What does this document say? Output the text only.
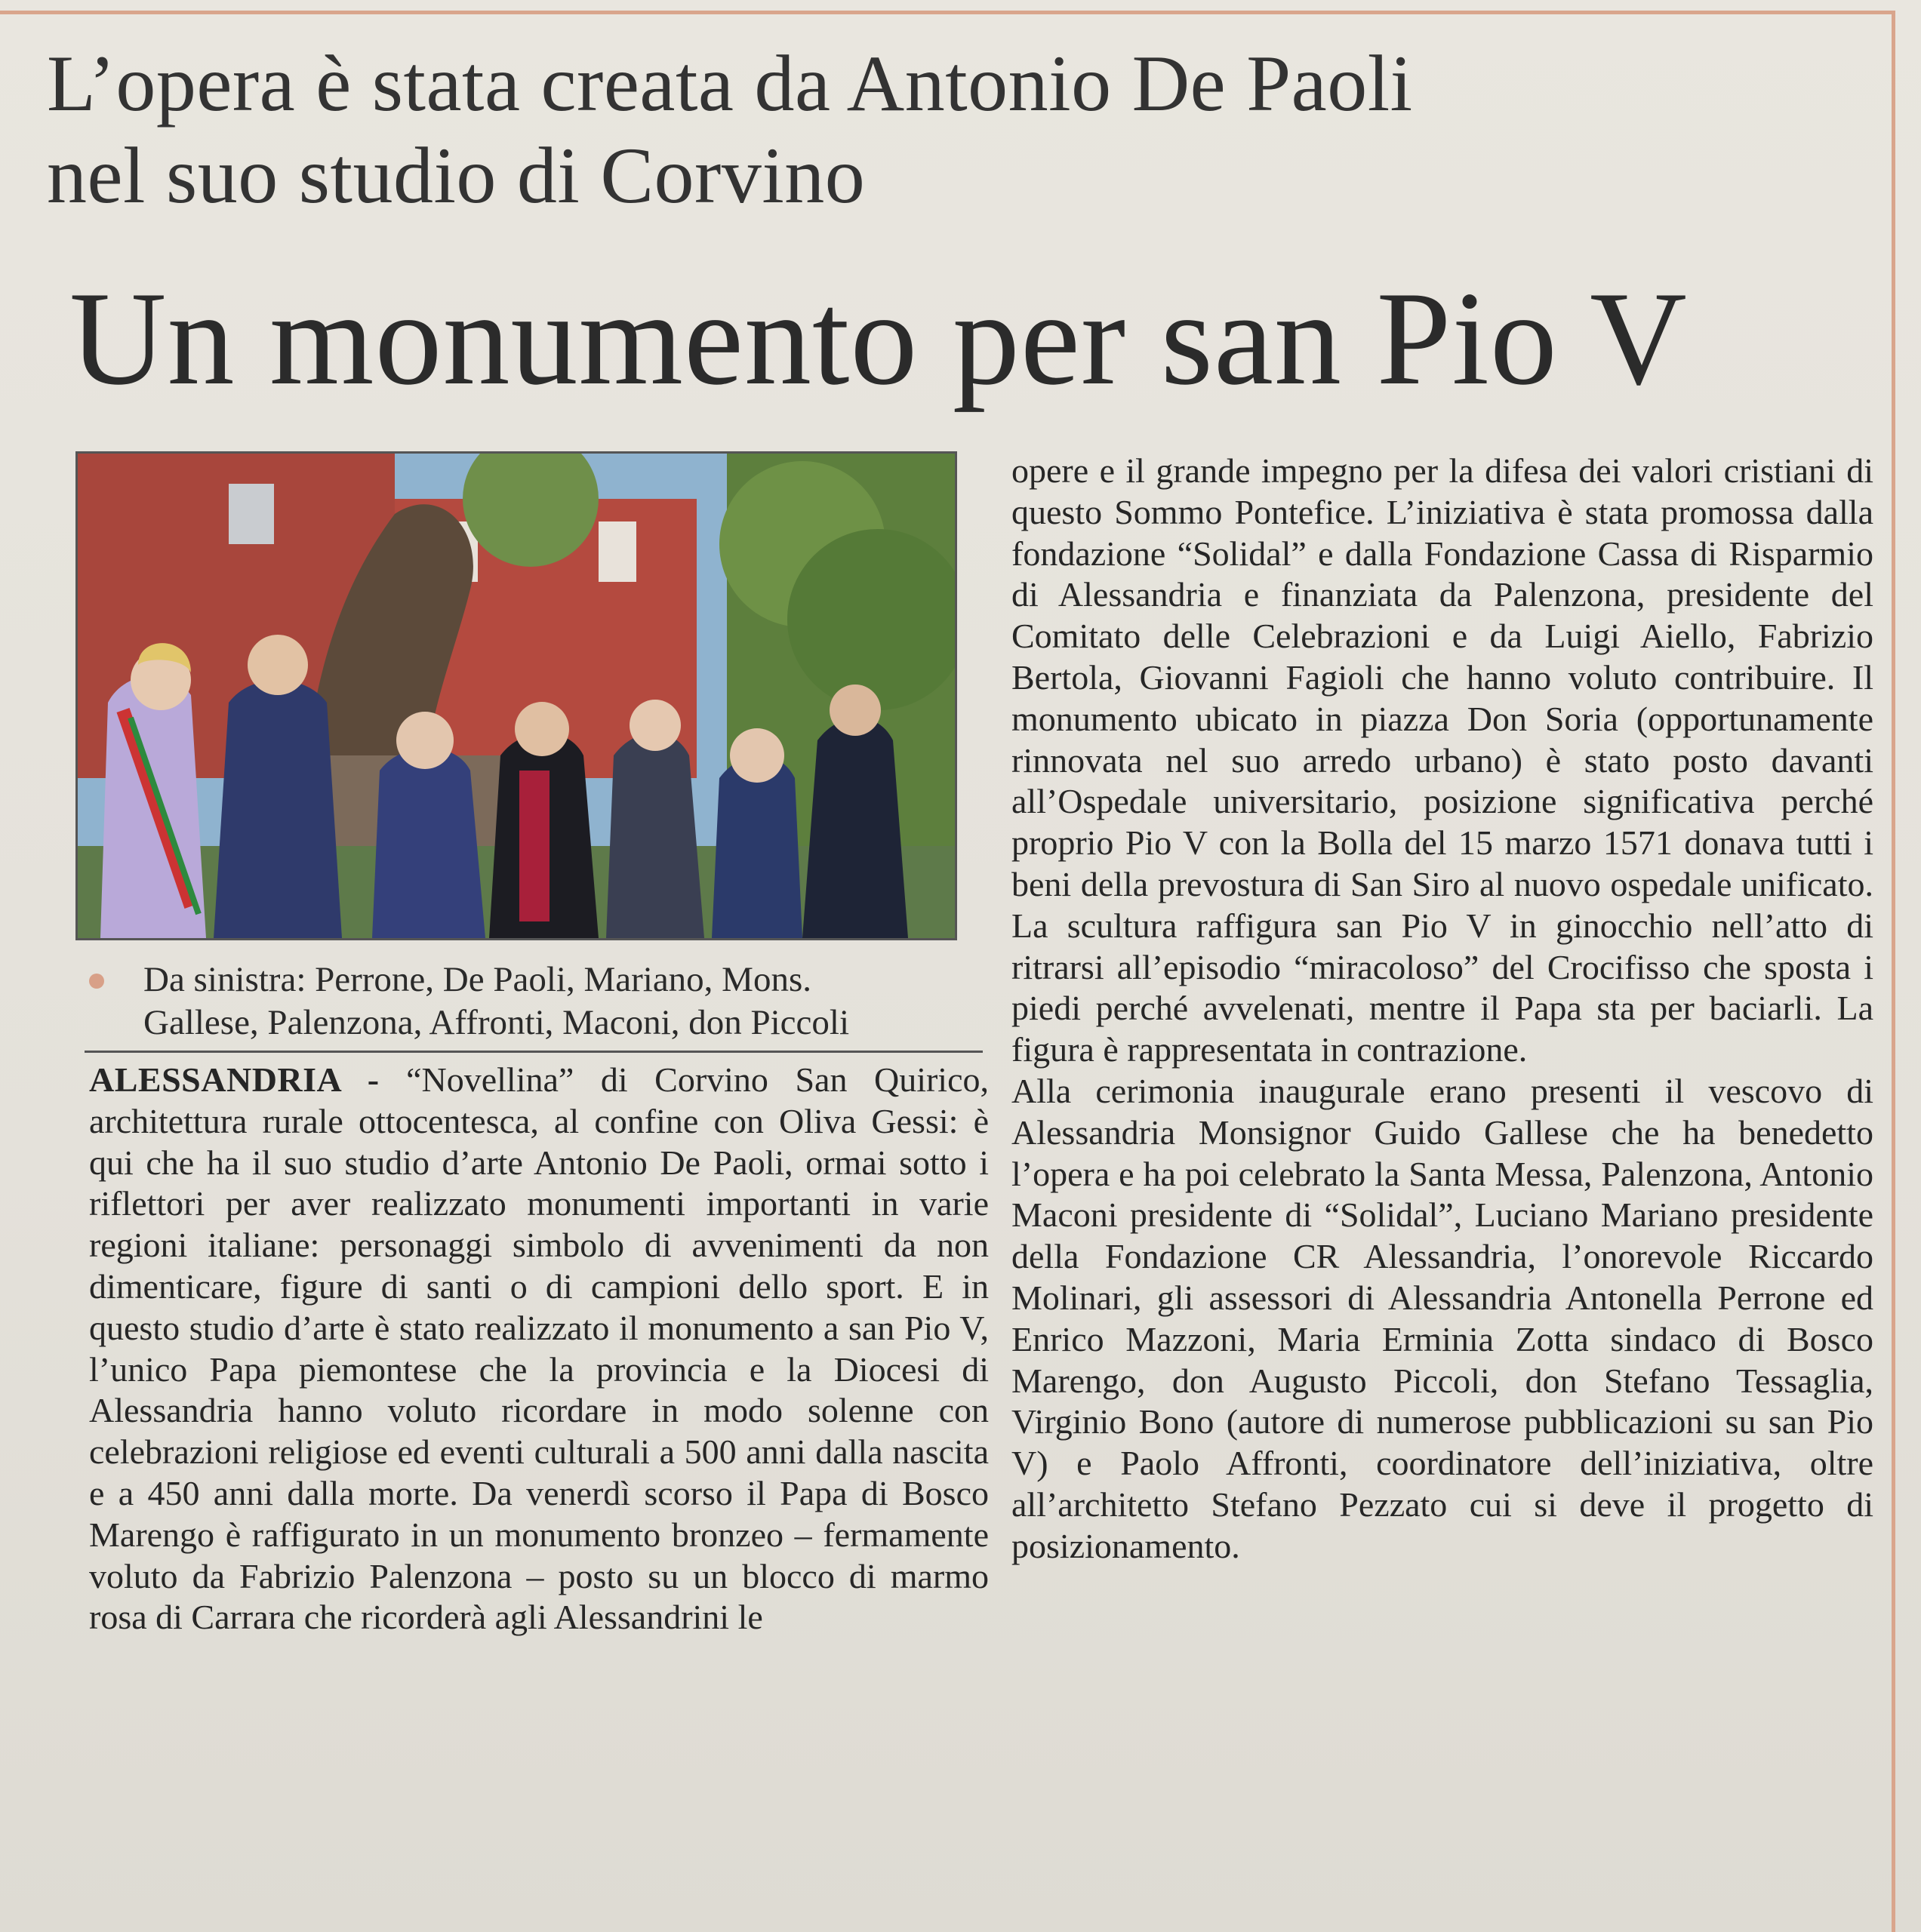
L’opera è stata creata da Antonio De Paoli
nel suo studio di Corvino
Un monumento per san Pio V
Da sinistra: Perrone, De Paoli, Mariano, Mons.
Gallese, Palenzona, Affronti, Maconi, don Piccoli

ALESSANDRIA - “Novellina” di Corvino San Quirico, architettura rurale ottocentesca, al confine con Oliva Gessi: è qui che ha il suo studio d’arte Antonio De Paoli, ormai sotto i riflettori per aver realizzato monumenti importanti in varie regioni italiane: personaggi simbolo di avvenimenti da non dimenticare, figure di santi o di campioni dello sport. E in questo studio d’arte è stato realizzato il monumento a san Pio V, l’unico Papa piemontese che la provincia e la Diocesi di Alessandria hanno voluto ricordare in modo solenne con celebrazioni religiose ed eventi culturali a 500 anni dalla nascita e a 450 anni dalla morte. Da venerdì scorso il Papa di Bosco Marengo è raffigurato in un monumento bronzeo – fermamente voluto da Fabrizio Palenzona – posto su un blocco di marmo rosa di Carrara che ricorderà agli Alessandrini le

opere e il grande impegno per la difesa dei valori cristiani di questo Sommo Pontefice. L’iniziativa è stata promossa dalla fondazione “Solidal” e dalla Fondazione Cassa di Risparmio di Alessandria e finanziata da Palenzona, presidente del Comitato delle Celebrazioni e da Luigi Aiello, Fabrizio Bertola, Giovanni Fagioli che hanno voluto contribuire. Il monumento ubicato in piazza Don Soria (opportunamente rinnovata nel suo arredo urbano) è stato posto davanti all’Ospedale universitario, posizione significativa perché proprio Pio V con la Bolla del 15 marzo 1571 donava tutti i beni della prevostura di San Siro al nuovo ospedale unificato. La scultura raffigura san Pio V in ginocchio nell’atto di ritrarsi all’episodio “miracoloso” del Crocifisso che sposta i piedi perché avvelenati, mentre il Papa sta per baciarli. La figura è rappresentata in contrazione.

Alla cerimonia inaugurale erano presenti il vescovo di Alessandria Monsignor Guido Gallese che ha benedetto l’opera e ha poi celebrato la Santa Messa, Palenzona, Antonio Maconi presidente di “Solidal”, Luciano Mariano presidente della Fondazione CR Alessandria, l’onorevole Riccardo Molinari, gli assessori di Alessandria Antonella Perrone ed Enrico Mazzoni, Maria Erminia Zotta sindaco di Bosco Marengo, don Augusto Piccoli, don Stefano Tessaglia, Virginio Bono (autore di numerose pubblicazioni su san Pio V) e Paolo Affronti, coordinatore dell’iniziativa, oltre all’architetto Stefano Pezzato cui si deve il progetto di posizionamento.
